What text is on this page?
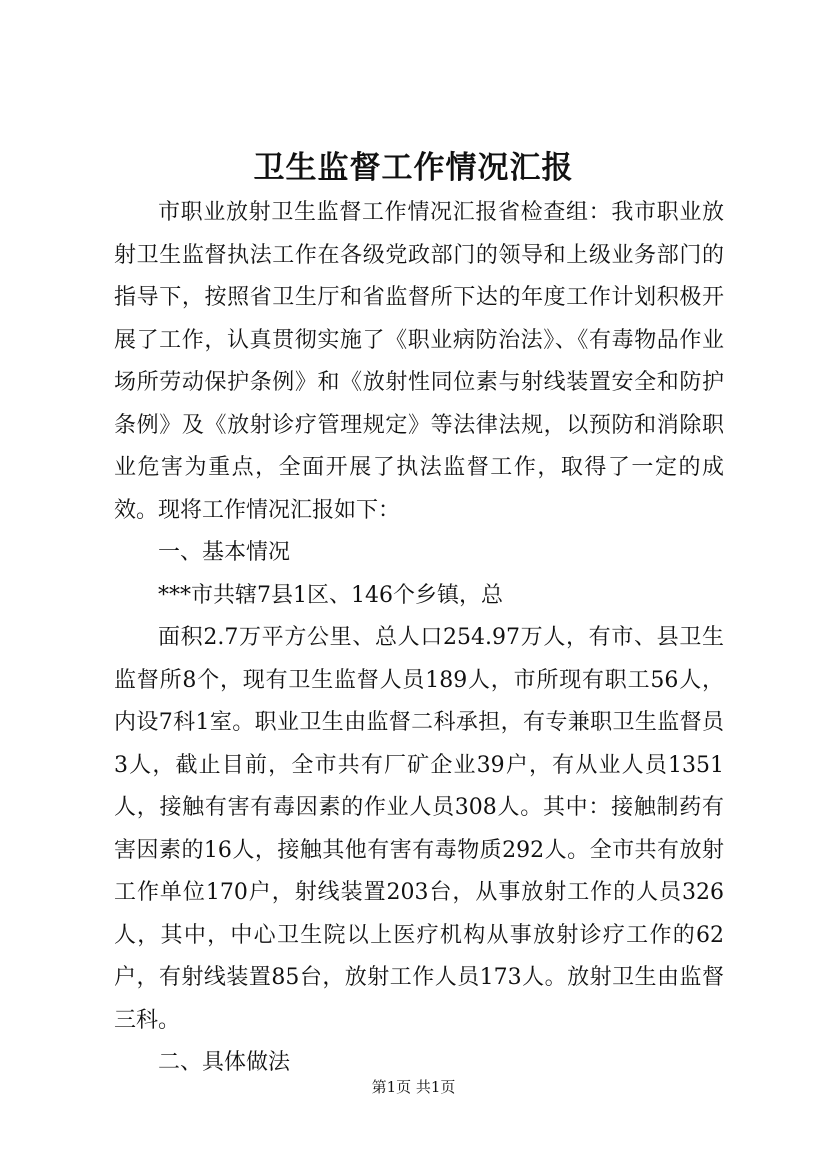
卫生监督工作情况汇报

市职业放射卫生监督工作情况汇报省检查组：我市职业放射卫生监督执法工作在各级党政部门的领导和上级业务部门的指导下，按照省卫生厅和省监督所下达的年度工作计划积极开展了工作，认真贯彻实施了《职业病防治法》、《有毒物品作业场所劳动保护条例》和《放射性同位素与射线装置安全和防护条例》及《放射诊疗管理规定》等法律法规，以预防和消除职业危害为重点，全面开展了执法监督工作，取得了一定的成效。现将工作情况汇报如下：

一、基本情况

***市共辖7县1区、146个乡镇，总

面积2.7万平方公里、总人口254.97万人，有市、县卫生监督所8个，现有卫生监督人员189人，市所现有职工56人，内设7科1室。职业卫生由监督二科承担，有专兼职卫生监督员3人，截止目前，全市共有厂矿企业39户，有从业人员1351人，接触有害有毒因素的作业人员308人。其中：接触制药有害因素的16人，接触其他有害有毒物质292人。全市共有放射工作单位170户，射线装置203台，从事放射工作的人员326人，其中，中心卫生院以上医疗机构从事放射诊疗工作的62户，有射线装置85台，放射工作人员173人。放射卫生由监督三科。

二、具体做法

第1页 共1页
